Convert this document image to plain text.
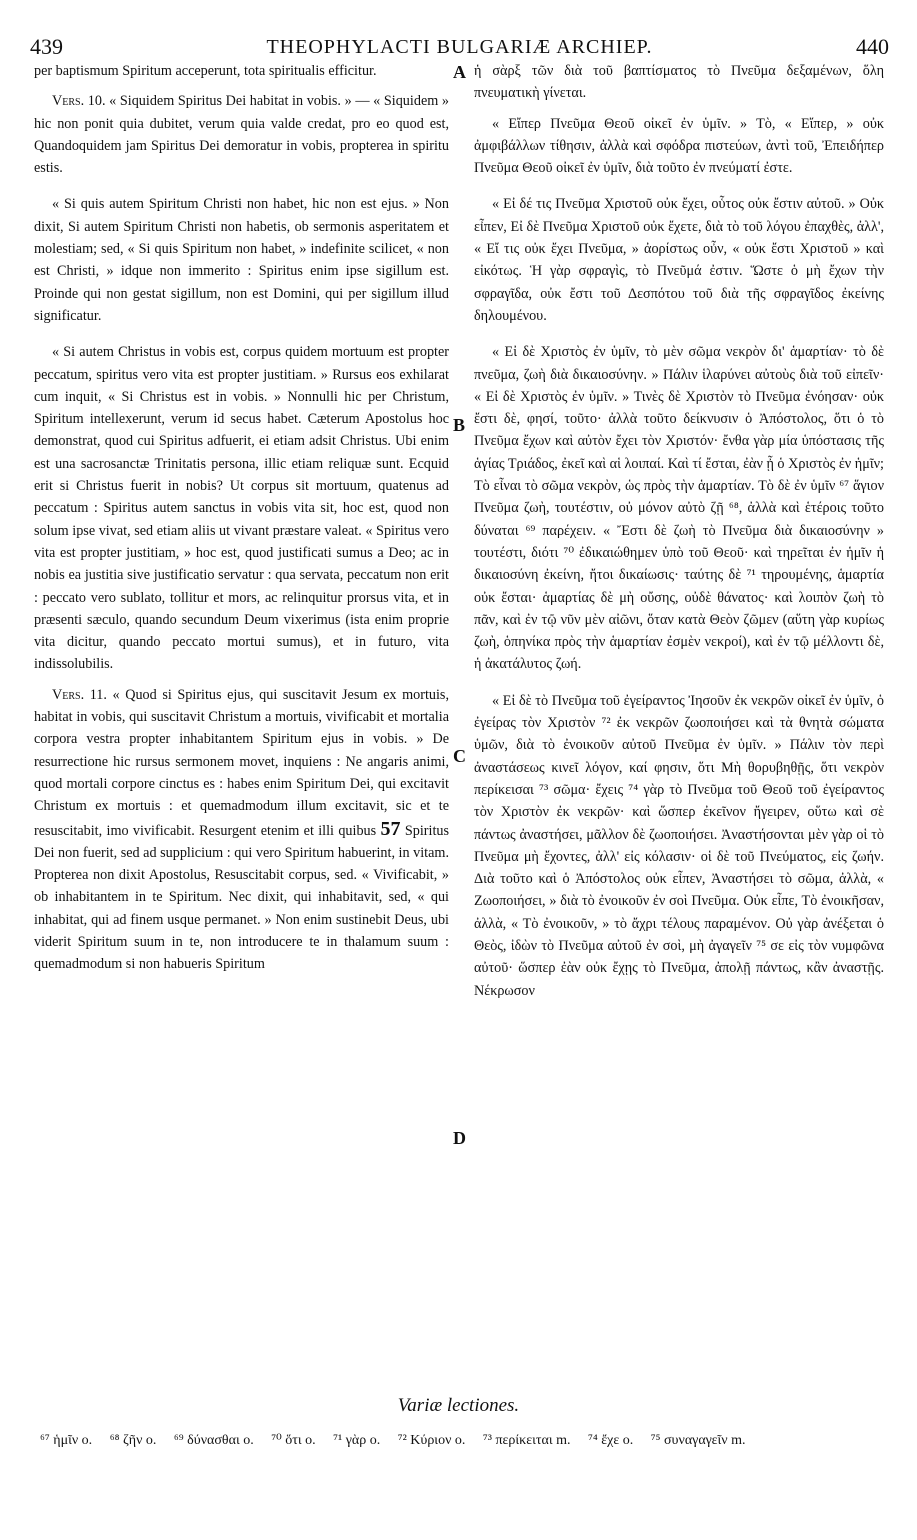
439	THEOPHYLACTI BULGARIÆ ARCHIEP.	440
A
B
C
D

per baptismum Spiritum acceperunt, tota spiritualis efficitur.

Vers. 10. « Siquidem Spiritus Dei habitat in vobis. » — « Siquidem » hic non ponit quia dubitet, verum quia valde credat, pro eo quod est, Quandoquidem jam Spiritus Dei demoratur in vobis, propterea in spiritu estis.

« Si quis autem Spiritum Christi non habet, hic non est ejus. » Non dixit, Si autem Spiritum Christi non habetis, ob sermonis asperitatem et molestiam; sed, « Si quis Spiritum non habet, » indefinite scilicet, « non est Christi, » idque non immerito : Spiritus enim ipse sigillum est. Proinde qui non gestat sigillum, non est Domini, qui per sigillum illud significatur.

« Si autem Christus in vobis est, corpus quidem mortuum est propter peccatum, spiritus vero vita est propter justitiam. » Rursus eos exhilarat cum inquit, « Si Christus est in vobis. » Nonnulli hic per Christum, Spiritum intellexerunt, verum id secus habet. Cæterum Apostolus hoc demonstrat, quod cui Spiritus adfuerit, ei etiam adsit Christus. Ubi enim est una sacrosanctæ Trinitatis persona, illic etiam reliquæ sunt. Ecquid erit si Christus fuerit in nobis? Ut corpus sit mortuum, quatenus ad peccatum : Spiritus autem sanctus in vobis vita sit, hoc est, quod non solum ipse vivat, sed etiam aliis ut vivant præstare valeat. « Spiritus vero vita est propter justitiam, » hoc est, quod justificati sumus a Deo; ac in nobis ea justitia sive justificatio servatur : qua servata, peccatum non erit : peccato vero sublato, tollitur et mors, ac relinquitur prorsus vita, et in præsenti sæculo, quando secundum Deum vixerimus (ista enim proprie vita dicitur, quando peccato mortui sumus), et in futuro, vita indissolubilis.

Vers. 11. « Quod si Spiritus ejus, qui suscitavit Jesum ex mortuis, habitat in vobis, qui suscitavit Christum a mortuis, vivificabit et mortalia corpora vestra propter inhabitantem Spiritum ejus in vobis. » De resurrectione hic rursus sermonem movet, inquiens : Ne angaris animi, quod mortali corpore cinctus es : habes enim Spiritum Dei, qui excitavit Christum ex mortuis : et quemadmodum illum excitavit, sic et te resuscitabit, imo vivificabit. Resurgent etenim et illi quibus 57 Spiritus Dei non fuerit, sed ad supplicium : qui vero Spiritum habuerint, in vitam. Propterea non dixit Apostolus, Resuscitabit corpus, sed. « Vivificabit, » ob inhabitantem in te Spiritum. Nec dixit, qui inhabitavit, sed, « qui inhabitat, qui ad finem usque permanet. » Non enim sustinebit Deus, ubi viderit Spiritum suum in te, non introducere te in thalamum suum : quemadmodum si non habueris Spiritum

ἡ σὰρξ τῶν διὰ τοῦ βαπτίσματος τὸ Πνεῦμα δεξαμένων, ὅλη πνευματικὴ γίνεται.

« Εἴπερ Πνεῦμα Θεοῦ οἰκεῖ ἐν ὑμῖν. » Τὸ, « Εἴπερ, » οὐκ ἀμφιβάλλων τίθησιν, ἀλλὰ καὶ σφόδρα πιστεύων, ἀντὶ τοῦ, Ἐπειδήπερ Πνεῦμα Θεοῦ οἰκεῖ ἐν ὑμῖν, διὰ τοῦτο ἐν πνεύματί ἐστε.

« Εἰ δέ τις Πνεῦμα Χριστοῦ οὐκ ἔχει, οὗτος οὐκ ἔστιν αὐτοῦ. » Οὐκ εἶπεν, Εἰ δὲ Πνεῦμα Χριστοῦ οὐκ ἔχετε, διὰ τὸ τοῦ λόγου ἐπαχθὲς, ἀλλ', « Εἴ τις οὐκ ἔχει Πνεῦμα, » ἀορίστως οὖν, « οὐκ ἔστι Χριστοῦ » καὶ εἰκότως. Ἡ γὰρ σφραγὶς, τὸ Πνεῦμά ἐστιν. Ὥστε ὁ μὴ ἔχων τὴν σφραγῖδα, οὐκ ἔστι τοῦ Δεσπότου τοῦ διὰ τῆς σφραγῖδος ἐκείνης δηλουμένου.

« Εἰ δὲ Χριστὸς ἐν ὑμῖν, τὸ μὲν σῶμα νεκρὸν δι' ἁμαρτίαν· τὸ δὲ πνεῦμα, ζωὴ διὰ δικαιοσύνην. » Πάλιν ἱλαρύνει αὐτοὺς διὰ τοῦ εἰπεῖν· « Εἰ δὲ Χριστὸς ἐν ὑμῖν. » Τινὲς δὲ Χριστὸν τὸ Πνεῦμα ἐνόησαν· οὐκ ἔστι δὲ, φησί, τοῦτο· ἀλλὰ τοῦτο δείκνυσιν ὁ Ἀπόστολος, ὅτι ὁ τὸ Πνεῦμα ἔχων καὶ αὐτὸν ἔχει τὸν Χριστόν· ἔνθα γὰρ μία ὑπόστασις τῆς ἁγίας Τριάδος, ἐκεῖ καὶ αἱ λοιπαί. Καὶ τί ἔσται, ἐὰν ᾖ ὁ Χριστὸς ἐν ἡμῖν; Τὸ εἶναι τὸ σῶμα νεκρὸν, ὡς πρὸς τὴν ἁμαρτίαν. Τὸ δὲ ἐν ὑμῖν ⁶⁷ ἅγιον Πνεῦμα ζωὴ, τουτέστιν, οὐ μόνον αὐτὸ ζῇ ⁶⁸, ἀλλὰ καὶ ἑτέροις τοῦτο δύναται ⁶⁹ παρέχειν. « Ἔστι δὲ ζωὴ τὸ Πνεῦμα διὰ δικαιοσύνην » τουτέστι, διότι ⁷⁰ ἐδικαιώθημεν ὑπὸ τοῦ Θεοῦ· καὶ τηρεῖται ἐν ἡμῖν ἡ δικαιοσύνη ἐκείνη, ἤτοι δικαίωσις· ταύτης δὲ ⁷¹ τηρουμένης, ἁμαρτία οὐκ ἔσται· ἁμαρτίας δὲ μὴ οὔσης, οὐδὲ θάνατος· καὶ λοιπὸν ζωὴ τὸ πᾶν, καὶ ἐν τῷ νῦν μὲν αἰῶνι, ὅταν κατὰ Θεὸν ζῶμεν (αὕτη γὰρ κυρίως ζωὴ, ὁπηνίκα πρὸς τὴν ἁμαρτίαν ἐσμὲν νεκροί), καὶ ἐν τῷ μέλλοντι δὲ, ἡ ἀκατάλυτος ζωή.

« Εἰ δὲ τὸ Πνεῦμα τοῦ ἐγείραντος Ἰησοῦν ἐκ νεκρῶν οἰκεῖ ἐν ὑμῖν, ὁ ἐγείρας τὸν Χριστὸν ⁷² ἐκ νεκρῶν ζωοποιήσει καὶ τὰ θνητὰ σώματα ὑμῶν, διὰ τὸ ἐνοικοῦν αὐτοῦ Πνεῦμα ἐν ὑμῖν. » Πάλιν τὸν περὶ ἀναστάσεως κινεῖ λόγον, καί φησιν, ὅτι Μὴ θορυβηθῇς, ὅτι νεκρὸν περίκεισαι ⁷³ σῶμα· ἔχεις ⁷⁴ γὰρ τὸ Πνεῦμα τοῦ Θεοῦ τοῦ ἐγείραντος τὸν Χριστὸν ἐκ νεκρῶν· καὶ ὥσπερ ἐκεῖνον ἤγειρεν, οὕτω καὶ σὲ πάντως ἀναστήσει, μᾶλλον δὲ ζωοποιήσει. Ἀναστήσονται μὲν γὰρ οἱ τὸ Πνεῦμα μὴ ἔχοντες, ἀλλ' εἰς κόλασιν· οἱ δὲ τοῦ Πνεύματος, εἰς ζωήν. Διὰ τοῦτο καὶ ὁ Ἀπόστολος οὐκ εἶπεν, Ἀναστήσει τὸ σῶμα, ἀλλὰ, « Ζωοποιήσει, » διὰ τὸ ἐνοικοῦν ἐν σοὶ Πνεῦμα. Οὐκ εἶπε, Τὸ ἐνοικῆσαν, ἀλλὰ, « Τὸ ἐνοικοῦν, » τὸ ἄχρι τέλους παραμένον. Οὐ γὰρ ἀνέξεται ὁ Θεὸς, ἰδὼν τὸ Πνεῦμα αὐτοῦ ἐν σοὶ, μὴ ἀγαγεῖν ⁷⁵ σε εἰς τὸν νυμφῶνα αὐτοῦ· ὥσπερ ἐὰν οὐκ ἔχῃς τὸ Πνεῦμα, ἀπολῇ πάντως, κἂν ἀναστῇς. Νέκρωσον

Variæ lectiones.
⁶⁷ ἡμῖν o. ⁶⁸ ζῆν o. ⁶⁹ δύνασθαι o. ⁷⁰ ὅτι o. ⁷¹ γὰρ o. ⁷² Κύριον o. ⁷³ περίκειται m. ⁷⁴ ἔχε o. ⁷⁵ συναγαγεῖν m.
